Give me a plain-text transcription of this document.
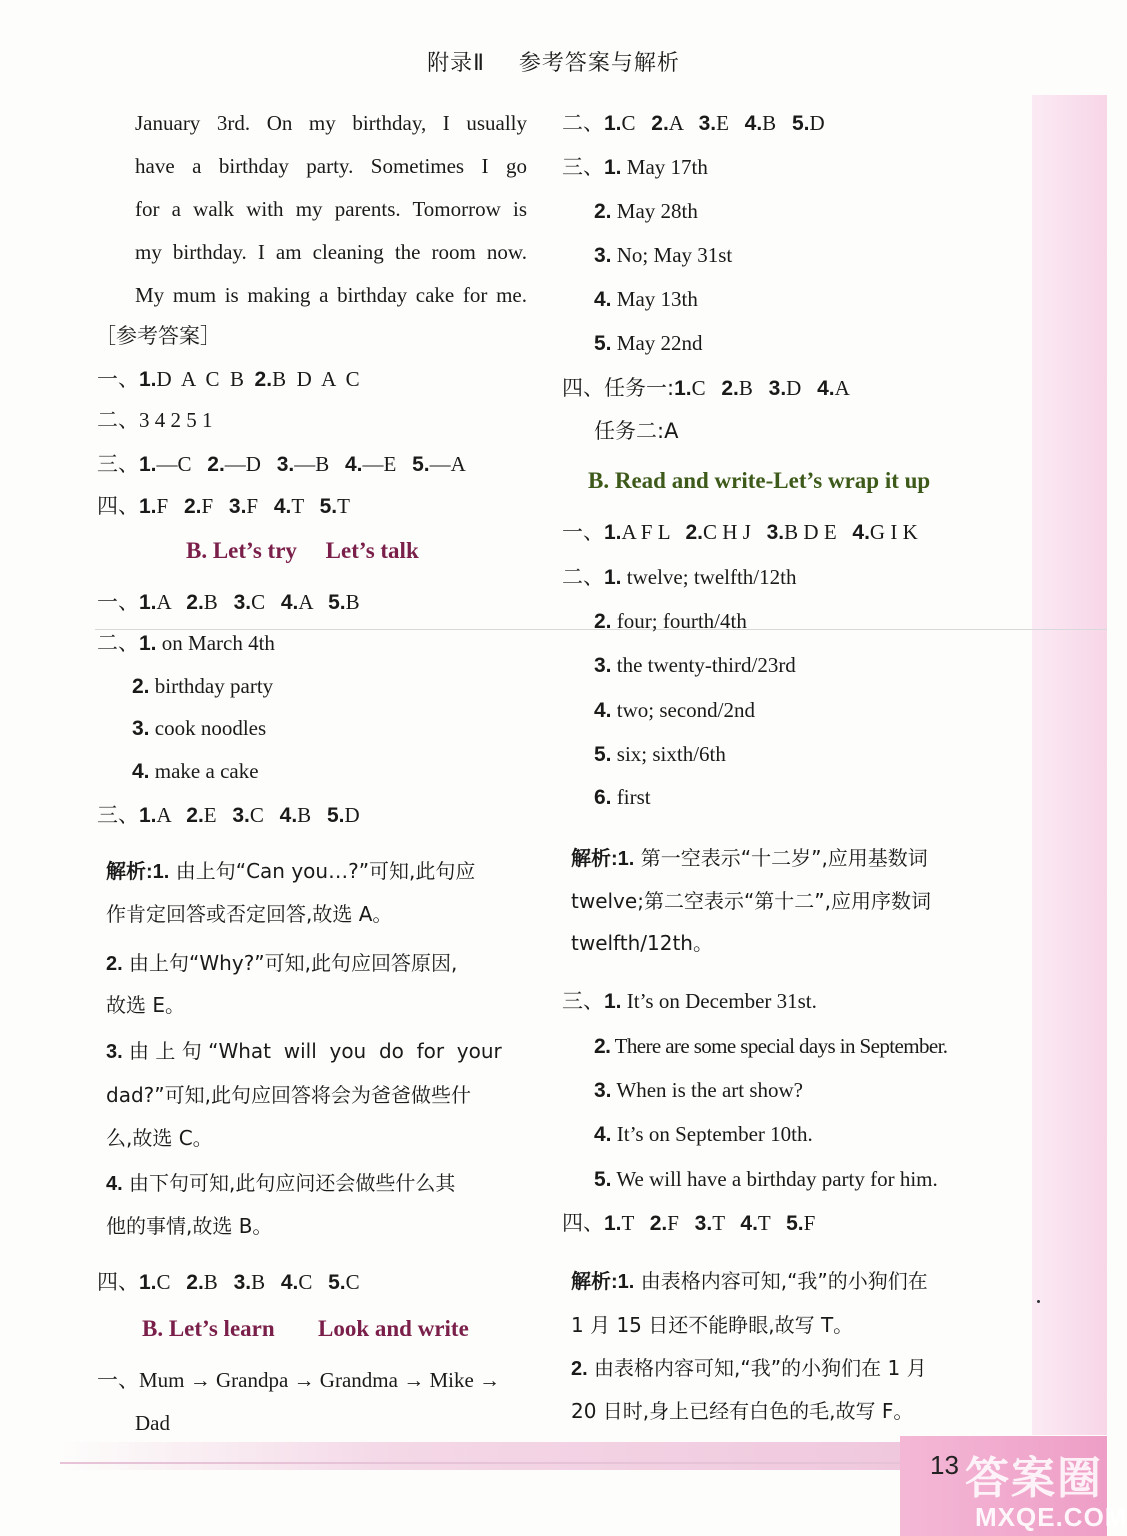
附录Ⅱ 参考答案与解析
January 3rd. On my birthday, I usually
have a birthday party. Sometimes I go
for a walk with my parents. Tomorrow is
my birthday. I am cleaning the room now.
My mum is making a birthday cake for me.
［参考答案］
一、1.D  A  C  B  2.B  D  A  C
二、3 4 2 5 1
三、1.—C   2.—D   3.—B   4.—E   5.—A
四、1.F   2.F   3.F   4.T   5.T
B. Let’s try     Let’s talk
一、1.A   2.B   3.C   4.A   5.B
二、1. on March 4th
2. birthday party
3. cook noodles
4. make a cake
三、1.A   2.E   3.C   4.B   5.D
解析:1. 由上句“Can you…?”可知,此句应
作肯定回答或否定回答,故选 A。
2. 由上句“Why?”可知,此句应回答原因,
故选 E。
3. 由 上 句 “What  will  you  do  for  your
dad?”可知,此句应回答将会为爸爸做些什
么,故选 C。
4. 由下句可知,此句应问还会做些什么其
他的事情,故选 B。
四、1.C   2.B   3.B   4.C   5.C
B. Let’s learn Look and write
一、Mum → Grandpa → Grandma → Mike →
Dad
二、1.C   2.A   3.E   4.B   5.D
三、1. May 17th
2. May 28th
3. No; May 31st
4. May 13th
5. May 22nd
四、任务一:1.C   2.B   3.D   4.A
任务二:A
B. Read and write-Let’s wrap it up
一、1.A F L   2.C H J   3.B D E   4.G I K
二、1. twelve; twelfth/12th
2. four; fourth/4th
3. the twenty-third/23rd
4. two; second/2nd
5. six; sixth/6th
6. first
解析:1. 第一空表示“十二岁”,应用基数词
twelve;第二空表示“第十二”,应用序数词
twelfth/12th。
三、1. It’s on December 31st.
2. There are some special days in September.
3. When is the art show?
4. It’s on September 10th.
5. We will have a birthday party for him.
四、1.T   2.F   3.T   4.T   5.F
解析:1. 由表格内容可知,“我”的小狗们在
1 月 15 日还不能睁眼,故写 T。
2. 由表格内容可知,“我”的小狗们在 1 月
20 日时,身上已经有白色的毛,故写 F。
13 答案圈
MXQE.COM
